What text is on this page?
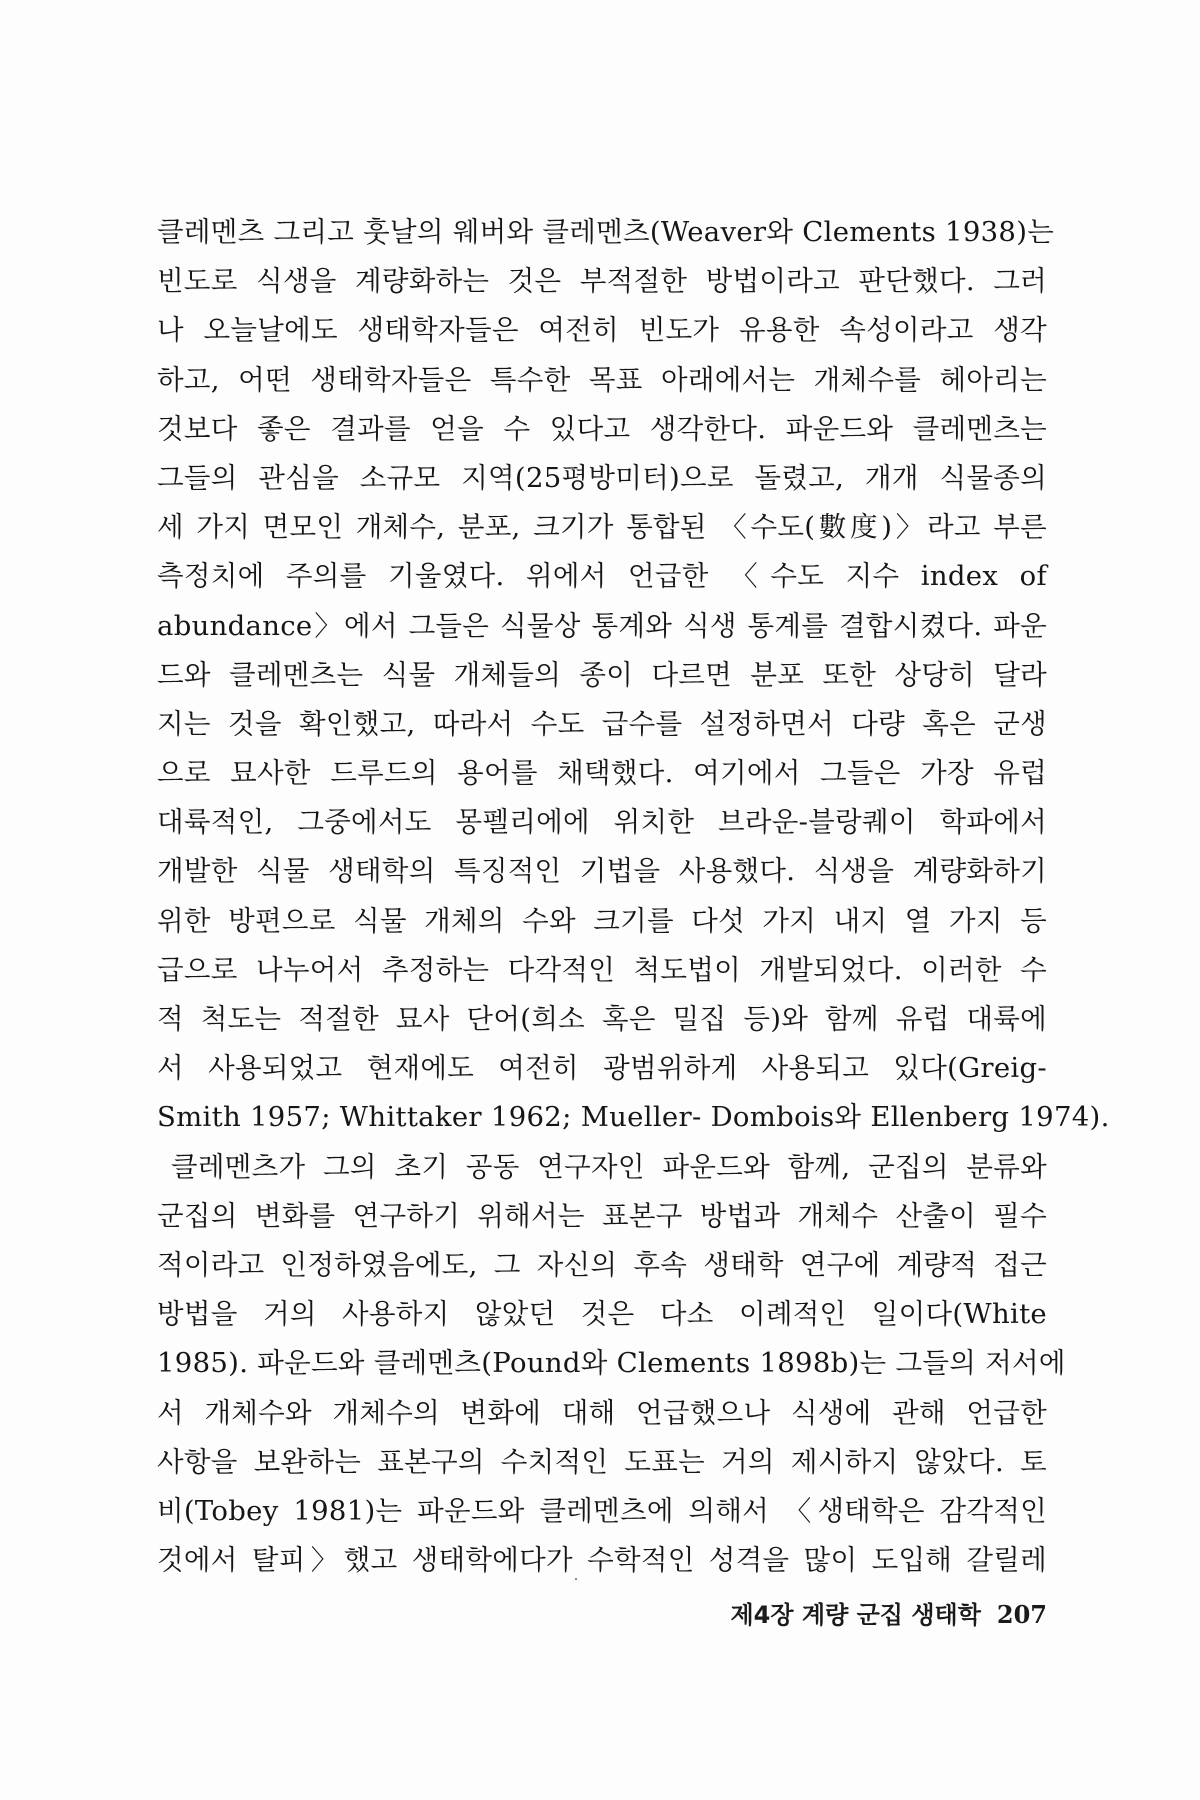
클레멘츠 그리고 훗날의 웨버와 클레멘츠(Weaver와 Clements 1938)는
빈도로 식생을 계량화하는 것은 부적절한 방법이라고 판단했다. 그러
나 오늘날에도 생태학자들은 여전히 빈도가 유용한 속성이라고 생각
하고, 어떤 생태학자들은 특수한 목표 아래에서는 개체수를 헤아리는
것보다 좋은 결과를 얻을 수 있다고 생각한다. 파운드와 클레멘츠는
그들의 관심을 소규모 지역(25평방미터)으로 돌렸고, 개개 식물종의
세 가지 면모인 개체수, 분포, 크기가 통합된 〈수도(數度)〉라고 부른
측정치에 주의를 기울였다. 위에서 언급한 〈수도 지수 index of
abundance〉에서 그들은 식물상 통계와 식생 통계를 결합시켰다. 파운
드와 클레멘츠는 식물 개체들의 종이 다르면 분포 또한 상당히 달라
지는 것을 확인했고, 따라서 수도 급수를 설정하면서 다량 혹은 군생
으로 묘사한 드루드의 용어를 채택했다. 여기에서 그들은 가장 유럽
대륙적인, 그중에서도 몽펠리에에 위치한 브라운-블랑퀘이 학파에서
개발한 식물 생태학의 특징적인 기법을 사용했다. 식생을 계량화하기
위한 방편으로 식물 개체의 수와 크기를 다섯 가지 내지 열 가지 등
급으로 나누어서 추정하는 다각적인 척도법이 개발되었다. 이러한 수
적 척도는 적절한 묘사 단어(희소 혹은 밀집 등)와 함께 유럽 대륙에
서 사용되었고 현재에도 여전히 광범위하게 사용되고 있다(Greig-
Smith 1957; Whittaker 1962; Mueller- Dombois와 Ellenberg 1974).
클레멘츠가 그의 초기 공동 연구자인 파운드와 함께, 군집의 분류와
군집의 변화를 연구하기 위해서는 표본구 방법과 개체수 산출이 필수
적이라고 인정하였음에도, 그 자신의 후속 생태학 연구에 계량적 접근
방법을 거의 사용하지 않았던 것은 다소 이례적인 일이다(White
1985). 파운드와 클레멘츠(Pound와 Clements 1898b)는 그들의 저서에
서 개체수와 개체수의 변화에 대해 언급했으나 식생에 관해 언급한
사항을 보완하는 표본구의 수치적인 도표는 거의 제시하지 않았다. 토
비(Tobey 1981)는 파운드와 클레멘츠에 의해서 〈생태학은 감각적인
것에서 탈피〉했고 생태학에다가 수학적인 성격을 많이 도입해 갈릴레
제4장 계량 군집 생태학 207
